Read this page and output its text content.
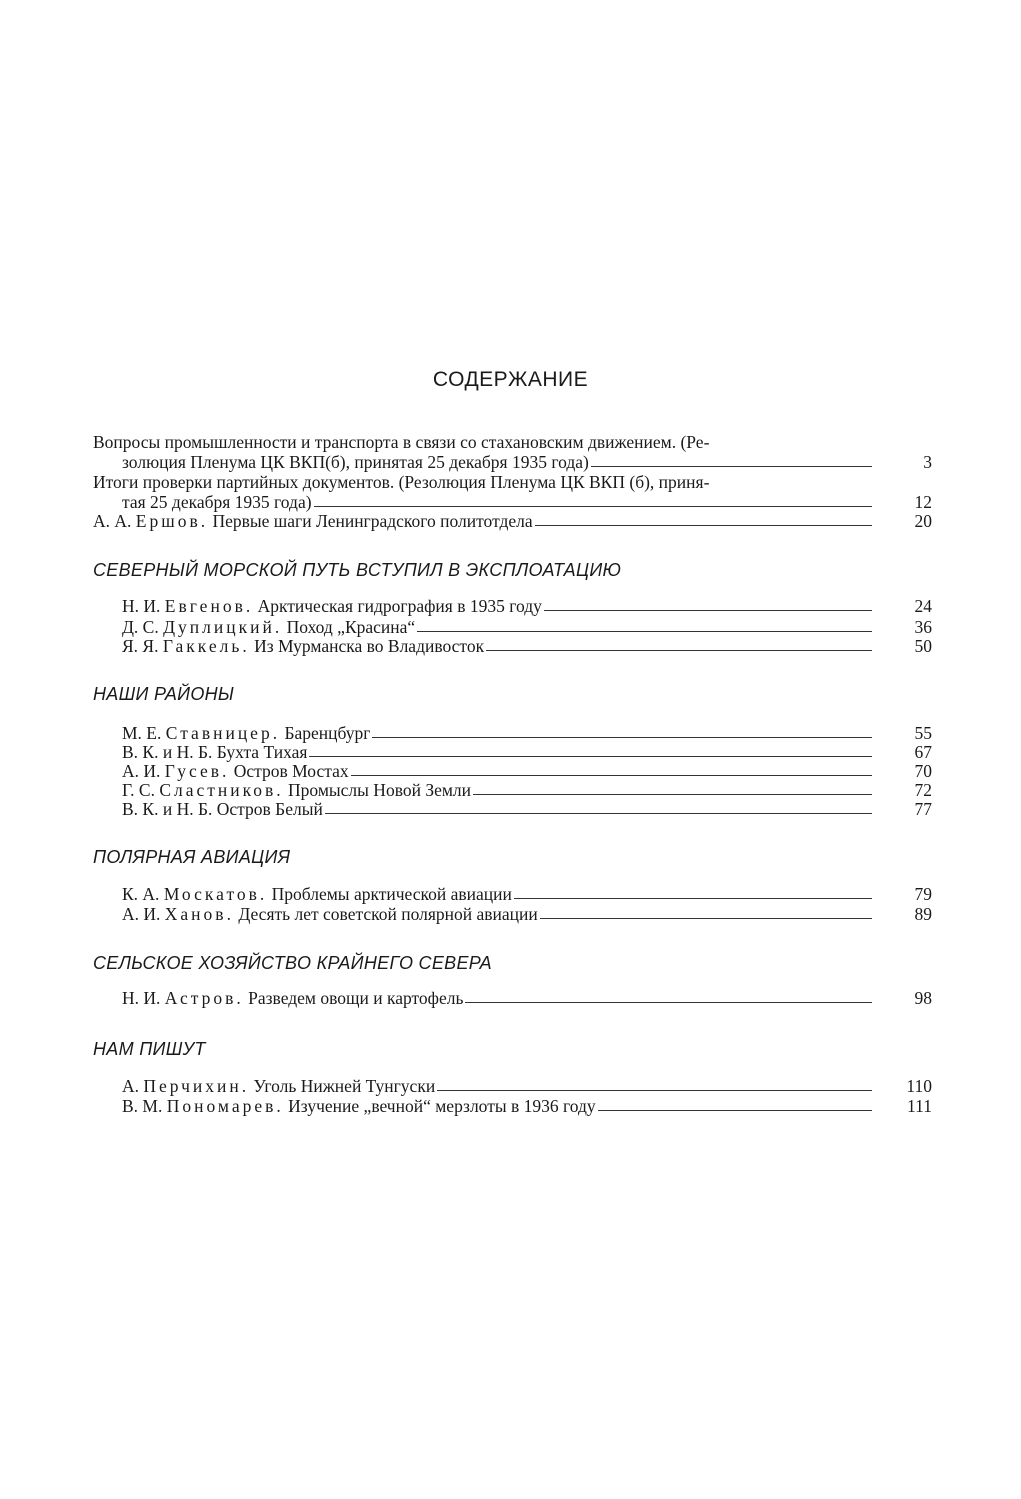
СОДЕРЖАНИЕ
Вопросы промышленности и транспорта в связи со стахановским движением. (Ре-
золюция Пленума ЦК ВКП(б), принятая 25 декабря 1935 года)	3
Итоги проверки партийных документов. (Резолюция Пленума ЦК ВКП (б), приня-
тая 25 декабря 1935 года)	12
А. А. Ершов. Первые шаги Ленинградского политотдела	20
СЕВЕРНЫЙ МОРСКОЙ ПУТЬ ВСТУПИЛ В ЭКСПЛОАТАЦИЮ
Н. И. Евгенов. Арктическая гидрография в 1935 году	24
Д. С. Дуплицкий. Поход „Красина“	36
Я. Я. Гаккель. Из Мурманска во Владивосток	50
НАШИ РАЙОНЫ
М. Е. Ставницер. Баренцбург	55
В. К. и Н. Б. Бухта Тихая	67
А. И. Гусев. Остров Мостах	70
Г. С. Сластников. Промыслы Новой Земли	72
В. К. и Н. Б. Остров Белый	77
ПОЛЯРНАЯ АВИАЦИЯ
К. А. Москатов. Проблемы арктической авиации	79
А. И. Ханов. Десять лет советской полярной авиации	89
СЕЛЬСКОЕ ХОЗЯЙСТВО КРАЙНЕГО СЕВЕРА
Н. И. Астров. Разведем овощи и картофель	98
НАМ ПИШУТ
А. Перчихин. Уголь Нижней Тунгуски	110
В. М. Пономарев. Изучение „вечной“ мерзлоты в 1936 году	111
